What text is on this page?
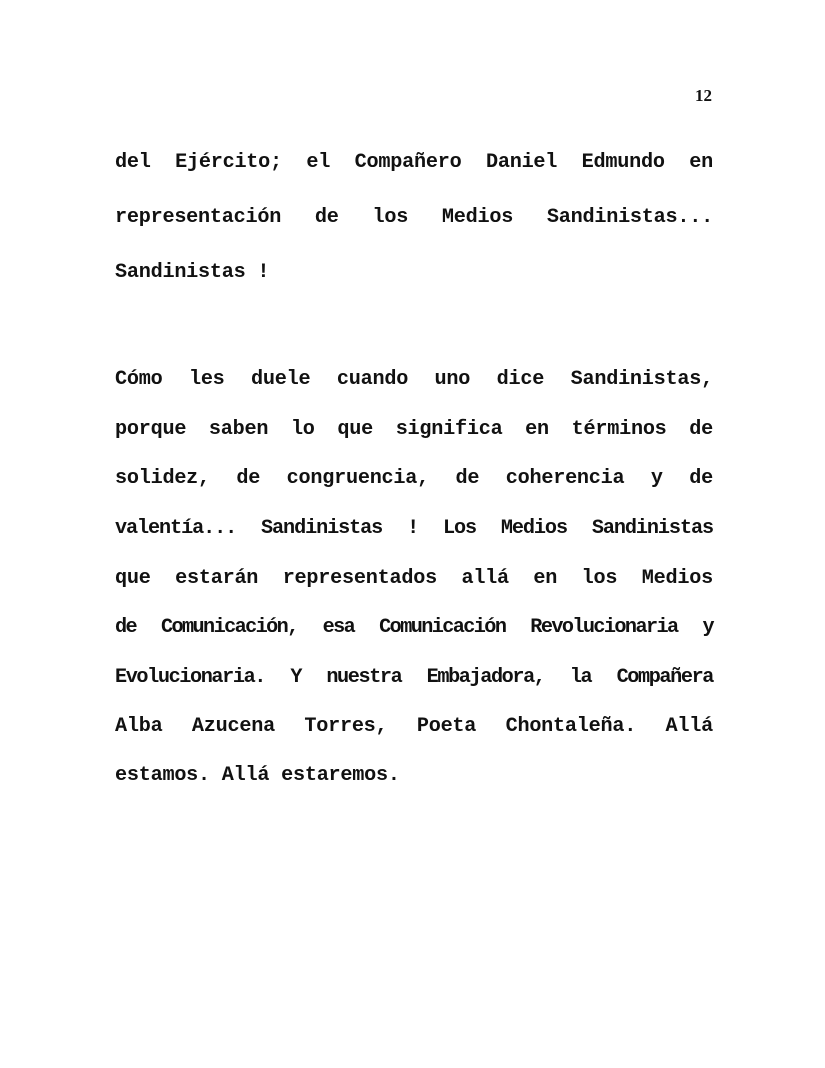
12
del Ejército; el Compañero Daniel Edmundo en
representación de los Medios Sandinistas...
Sandinistas !
Cómo les duele cuando uno dice Sandinistas,
porque saben lo que significa en términos de
solidez, de congruencia, de coherencia y de
valentía... Sandinistas ! Los Medios Sandinistas
que estarán representados allá en los Medios
de Comunicación, esa Comunicación Revolucionaria y
Evolucionaria. Y nuestra Embajadora, la Compañera
Alba Azucena Torres, Poeta Chontaleña. Allá
estamos. Allá estaremos.
